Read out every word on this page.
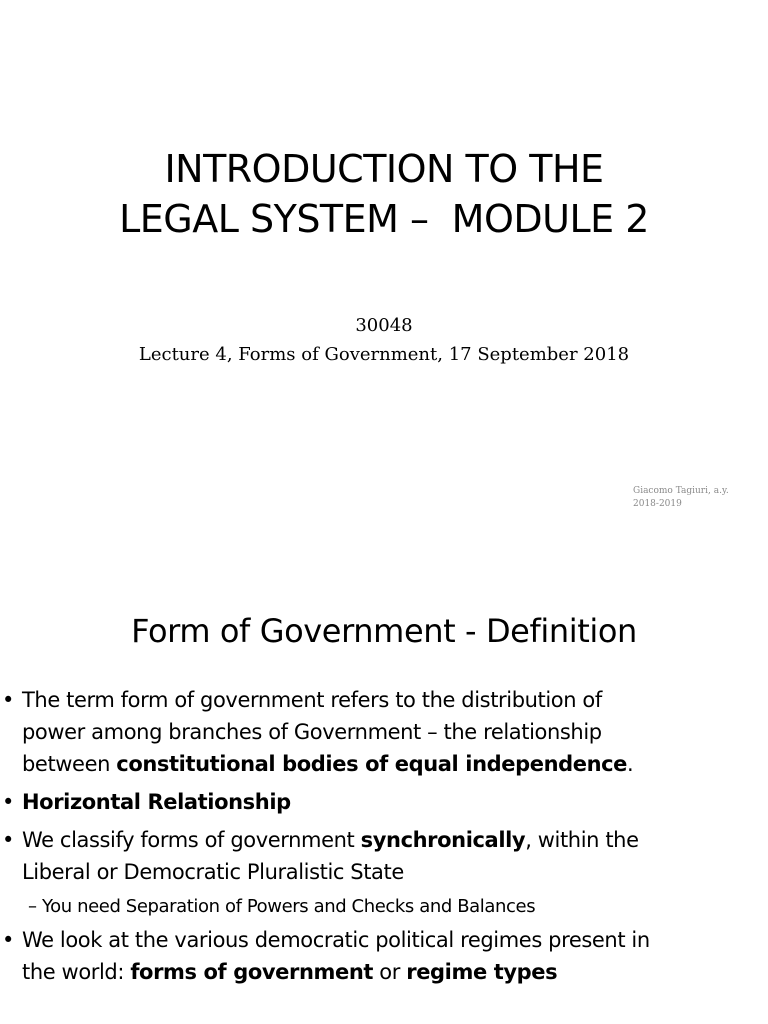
INTRODUCTION TO THE
LEGAL SYSTEM –  MODULE 2
30048
Lecture 4, Forms of Government, 17 September 2018
Giacomo Tagiuri, a.y.
2018-2019
Form of Government - Definition
• The term form of government refers to the distribution of
power among branches of Government – the relationship
between constitutional bodies of equal independence.
• Horizontal Relationship
• We classify forms of government synchronically, within the
Liberal or Democratic Pluralistic State
– You need Separation of Powers and Checks and Balances
• We look at the various democratic political regimes present in
the world: forms of government or regime types
